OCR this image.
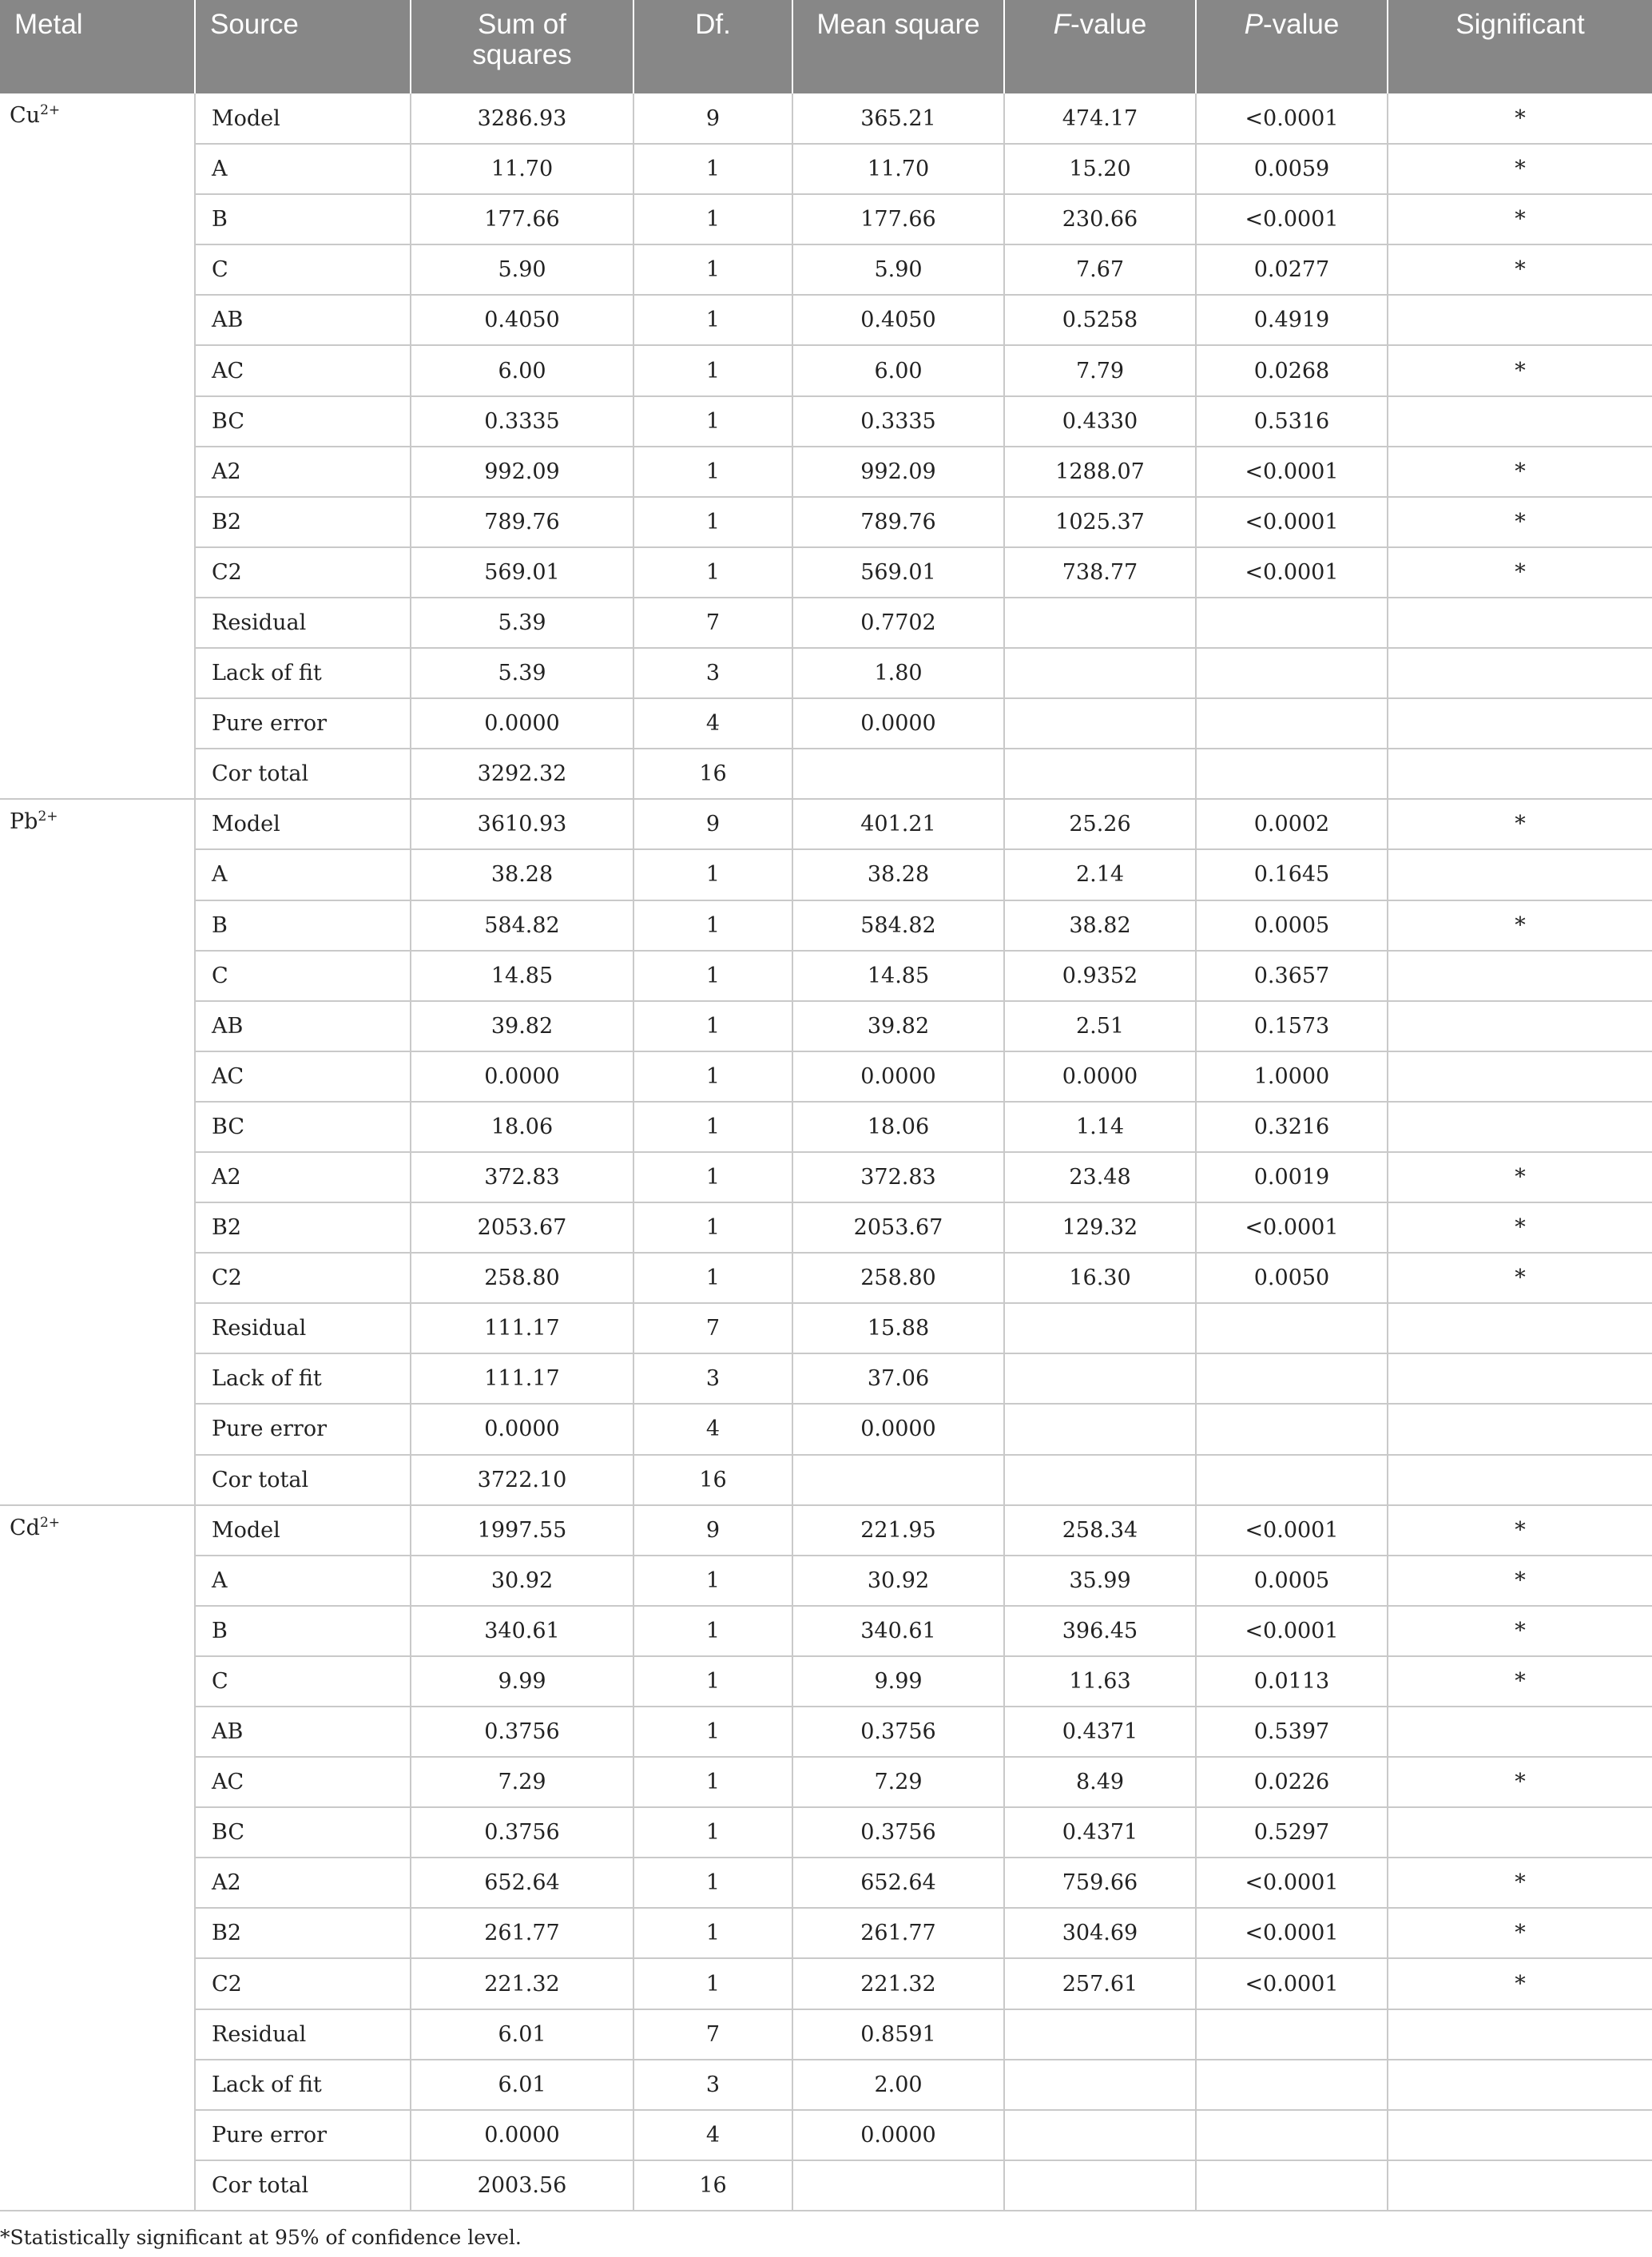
Metal	Source	Sum of squares	Df.	Mean square	F-value	P-value	Significant
$Cu^{2+}$	Model	3286.93	9	365.21	474.17	<0.0001	*
	A	11.70	1	11.70	15.20	0.0059	*
	B	177.66	1	177.66	230.66	<0.0001	*
	C	5.90	1	5.90	7.67	0.0277	*
	AB	0.4050	1	0.4050	0.5258	0.4919	
	AC	6.00	1	6.00	7.79	0.0268	*
	BC	0.3335	1	0.3335	0.4330	0.5316	
	A2	992.09	1	992.09	1288.07	<0.0001	*
	B2	789.76	1	789.76	1025.37	<0.0001	*
	C2	569.01	1	569.01	738.77	<0.0001	*
	Residual	5.39	7	0.7702			
	Lack of fit	5.39	3	1.80			
	Pure error	0.0000	4	0.0000			
	Cor total	3292.32	16				
$Pb^{2+}$	Model	3610.93	9	401.21	25.26	0.0002	*
	A	38.28	1	38.28	2.14	0.1645	
	B	584.82	1	584.82	38.82	0.0005	*
	C	14.85	1	14.85	0.9352	0.3657	
	AB	39.82	1	39.82	2.51	0.1573	
	AC	0.0000	1	0.0000	0.0000	1.0000	
	BC	18.06	1	18.06	1.14	0.3216	
	A2	372.83	1	372.83	23.48	0.0019	*
	B2	2053.67	1	2053.67	129.32	<0.0001	*
	C2	258.80	1	258.80	16.30	0.0050	*
	Residual	111.17	7	15.88			
	Lack of fit	111.17	3	37.06			
	Pure error	0.0000	4	0.0000			
	Cor total	3722.10	16				
$Cd^{2+}$	Model	1997.55	9	221.95	258.34	<0.0001	*
	A	30.92	1	30.92	35.99	0.0005	*
	B	340.61	1	340.61	396.45	<0.0001	*
	C	9.99	1	9.99	11.63	0.0113	*
	AB	0.3756	1	0.3756	0.4371	0.5397	
	AC	7.29	1	7.29	8.49	0.0226	*
	BC	0.3756	1	0.3756	0.4371	0.5297	
	A2	652.64	1	652.64	759.66	<0.0001	*
	B2	261.77	1	261.77	304.69	<0.0001	*
	C2	221.32	1	221.32	257.61	<0.0001	*
	Residual	6.01	7	0.8591			
	Lack of fit	6.01	3	2.00			
	Pure error	0.0000	4	0.0000			
	Cor total	2003.56	16				
*Statistically significant at 95% of confidence level.
